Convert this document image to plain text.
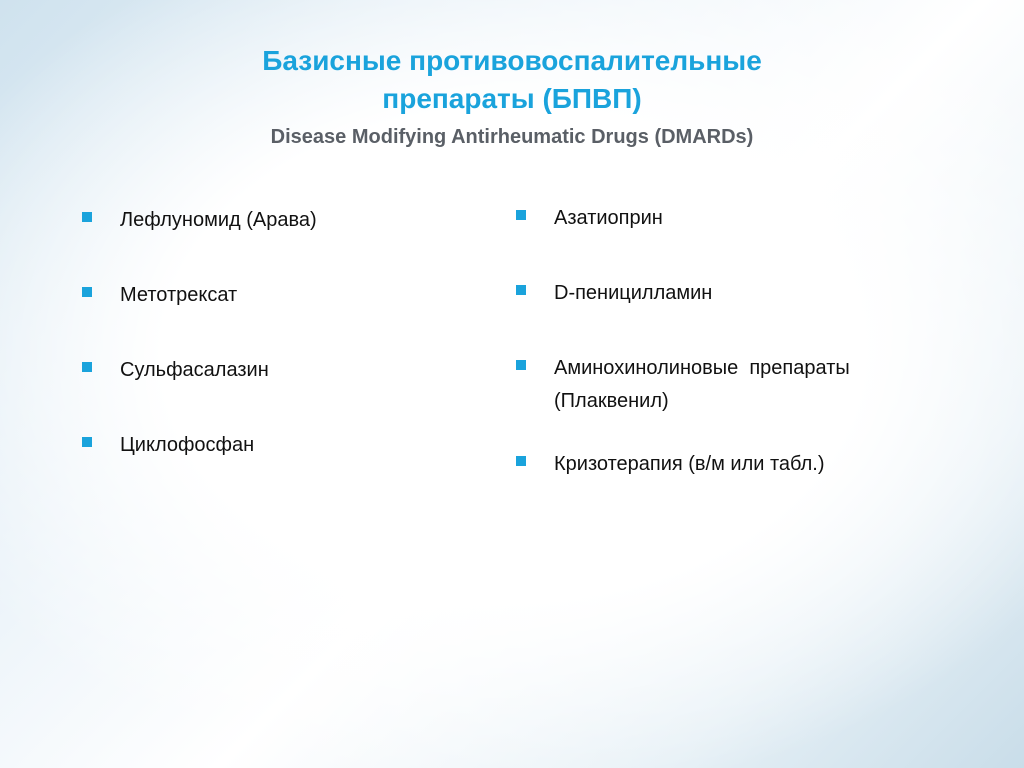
Базисные противовоспалительные
препараты (БПВП)
Disease Modifying Antirheumatic Drugs (DMARDs)
Лефлуномид (Арава)
Метотрексат
Сульфасалазин
Циклофосфан
Азатиоприн
D-пеницилламин
Аминохинолиновые  препараты
(Плаквенил)
Кризотерапия (в/м или табл.)
